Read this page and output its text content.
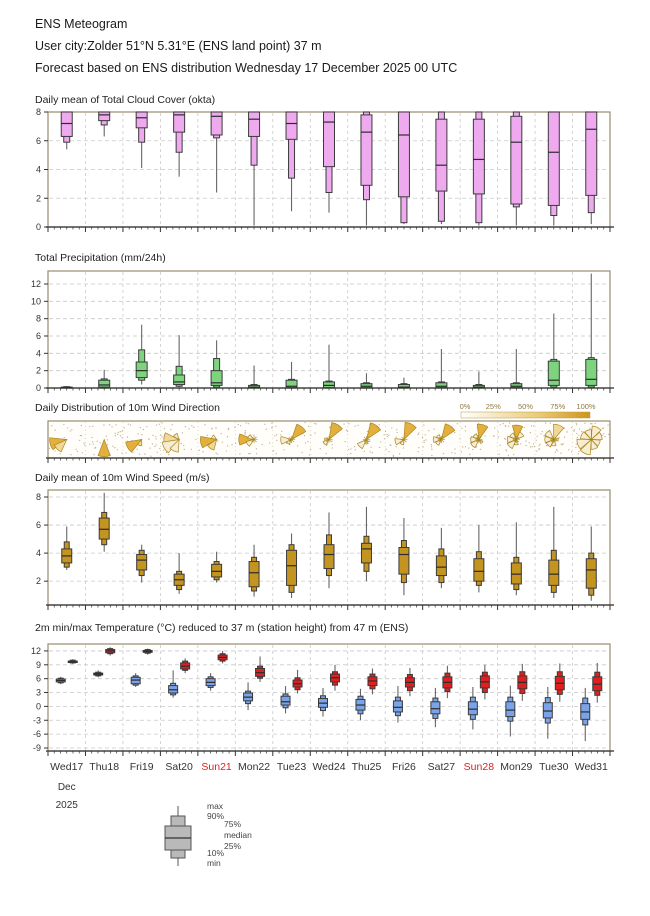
ENS Meteogram
User city:Zolder 51°N 5.31°E (ENS land point) 37 m
Forecast based on ENS distribution Wednesday 17 December 2025 00 UTC
Daily mean of Total Cloud Cover (okta)
0
2
4
6
8
Total Precipitation (mm/24h)
0
2
4
6
8
10
12
Daily Distribution of 10m Wind Direction	0% 25% 50% 75% 100%
Daily mean of 10m Wind Speed (m/s)
2
4
6
8
2m min/max Temperature (°C) reduced to 37 m (station height) from 47 m (ENS)
-9
-6
-3
0
3
6
9
12
Wed17 Thu18 Fri19 Sat20 Sun21 Mon22 Tue23 Wed24 Thu25 Fri26 Sat27 Sun28 Mon29 Tue30 Wed31
Dec
2025	max
90%
75%
median
25%
10%
min
